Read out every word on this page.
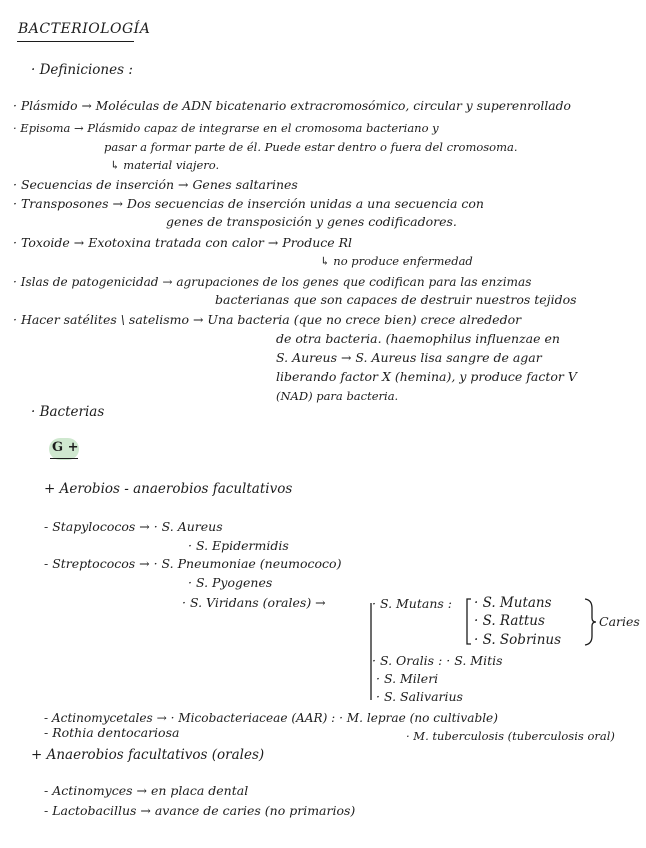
BACTERIOLOGÍA
· Definiciones :
· Plásmido → Moléculas de ADN bicatenario extracromosómico, circular y superenrollado
· Episoma → Plásmido capaz de integrarse en el cromosoma bacteriano y
pasar a formar parte de él. Puede estar dentro o fuera del cromosoma.
↳ material viajero.
· Secuencias de inserción → Genes saltarines
· Transposones → Dos secuencias de inserción unidas a una secuencia con
genes de transposición y genes codificadores.
· Toxoide → Exotoxina tratada con calor → Produce Rl
↳ no produce enfermedad
· Islas de patogenicidad → agrupaciones de los genes que codifican para las enzimas
bacterianas que son capaces de destruir nuestros tejidos
· Hacer satélites \ satelismo → Una bacteria (que no crece bien) crece alrededor
de otra bacteria. (haemophilus influenzae en
S. Aureus → S. Aureus lisa sangre de agar
liberando factor X (hemina), y produce factor V
(NAD) para bacteria.
· Bacterias
G +
+ Aerobios - anaerobios facultativos
- Stapylococos → · S. Aureus
· S. Epidermidis
- Streptococos → · S. Pneumoniae (neumococo)
· S. Pyogenes
· S. Viridans (orales) →	· S. Mutans : · S. Mutans
· S. Rattus
· S. Sobrinus
Caries
· S. Oralis : · S. Mitis
· S. Mileri
· S. Salivarius
- Actinomycetales → · Micobacteriaceae (AAR) : · M. leprae (no cultivable)
· M. tuberculosis (tuberculosis oral)
- Rothia dentocariosa
+ Anaerobios facultativos (orales)
- Actinomyces → en placa dental
- Lactobacillus → avance de caries (no primarios)
